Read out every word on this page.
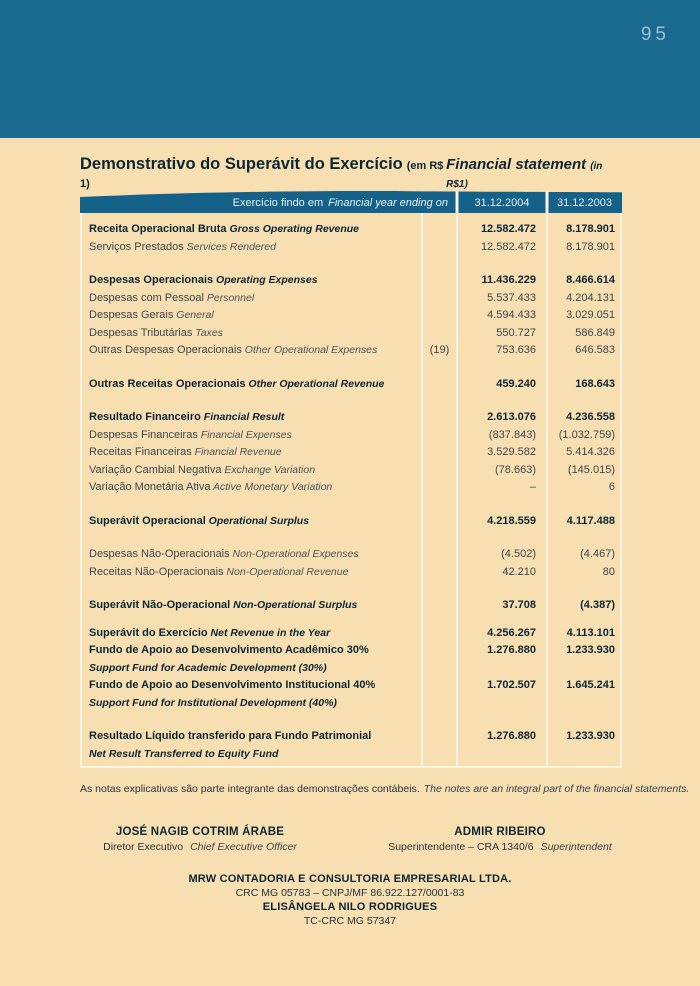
95
Demonstrativo do Superávit do Exercício (em R$ 1)
Financial statement (in R$1)
Exercício findo em Financial year ending on	31.12.2004	31.12.2003
Receita Operacional Bruta Gross Operating Revenue	12.582.472	8.178.901
Serviços Prestados Services Rendered	12.582.472	8.178.901
Despesas Operacionais Operating Expenses	11.436.229	8.466.614
Despesas com Pessoal Personnel	5.537.433	4.204.131
Despesas Gerais General	4.594.433	3.029.051
Despesas Tributárias Taxes	550.727	586.849
Outras Despesas Operacionais Other Operational Expenses	(19)	753.636	646.583
Outras Receitas Operacionais Other Operational Revenue	459.240	168.643
Resultado Financeiro Financial Result	2.613.076	4.236.558
Despesas Financeiras Financial Expenses	(837.843)	(1.032.759)
Receitas Financeiras Financial Revenue	3.529.582	5.414.326
Variação Cambial Negativa Exchange Variation	(78.663)	(145.015)
Variação Monetária Ativa Active Monetary Variation	–	6
Superávit Operacional Operational Surplus	4.218.559	4.117.488
Despesas Não-Operacionais Non-Operational Expenses	(4.502)	(4.467)
Receitas Não-Operacionais Non-Operational Revenue	42.210	80
Superávit Não-Operacional Non-Operational Surplus	37.708	(4.387)
Superávit do Exercício Net Revenue in the Year	4.256.267	4.113.101
Fundo de Apoio ao Desenvolvimento Acadêmico 30%	1.276.880	1.233.930
Support Fund for Academic Development (30%)
Fundo de Apoio ao Desenvolvimento Institucional 40%	1.702.507	1.645.241
Support Fund for Institutional Development (40%)
Resultado Líquido transferido para Fundo Patrimonial	1.276.880	1.233.930
Net Result Transferred to Equity Fund
As notas explicativas são parte integrante das demonstrações contábeis. The notes are an integral part of the financial statements.
JOSÉ NAGIB COTRIM ÁRABE
Diretor Executivo Chief Executive Officer
ADMIR RIBEIRO
Superintendente – CRA 1340/6 Superintendent
MRW CONTADORIA E CONSULTORIA EMPRESARIAL LTDA.
CRC MG 05783 – CNPJ/MF 86.922.127/0001-83
ELISÂNGELA NILO RODRIGUES
TC-CRC MG 57347
